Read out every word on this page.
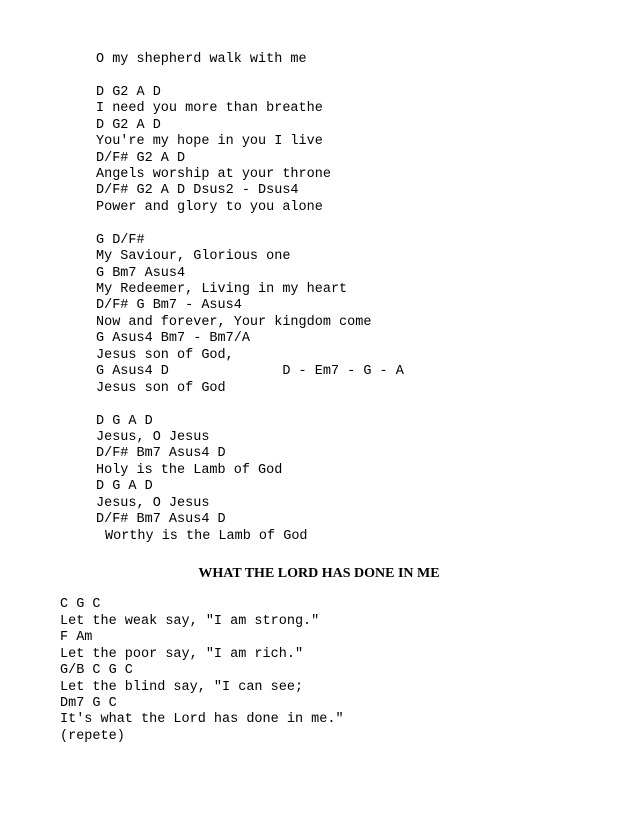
O my shepherd walk with me

D G2 A D

I need you more than breathe

D G2 A D

You're my hope in you I live

D/F# G2 A D

Angels worship at your throne

D/F# G2 A D Dsus2 - Dsus4

Power and glory to you alone

G D/F#

My Saviour, Glorious one

G Bm7 Asus4

My Redeemer, Living in my heart

D/F# G Bm7 - Asus4

Now and forever, Your kingdom come

G Asus4 Bm7 - Bm7/A

Jesus son of God,

G Asus4 D              D - Em7 - G - A

Jesus son of God

D G A D

Jesus, O Jesus

D/F# Bm7 Asus4 D

Holy is the Lamb of God

D G A D

Jesus, O Jesus

D/F# Bm7 Asus4 D

Worthy is the Lamb of God

WHAT THE LORD HAS DONE IN ME

C G C

Let the weak say, "I am strong."

F Am

Let the poor say, "I am rich."

G/B C G C

Let the blind say, "I can see;

Dm7 G C

It's what the Lord has done in me."

(repete)
